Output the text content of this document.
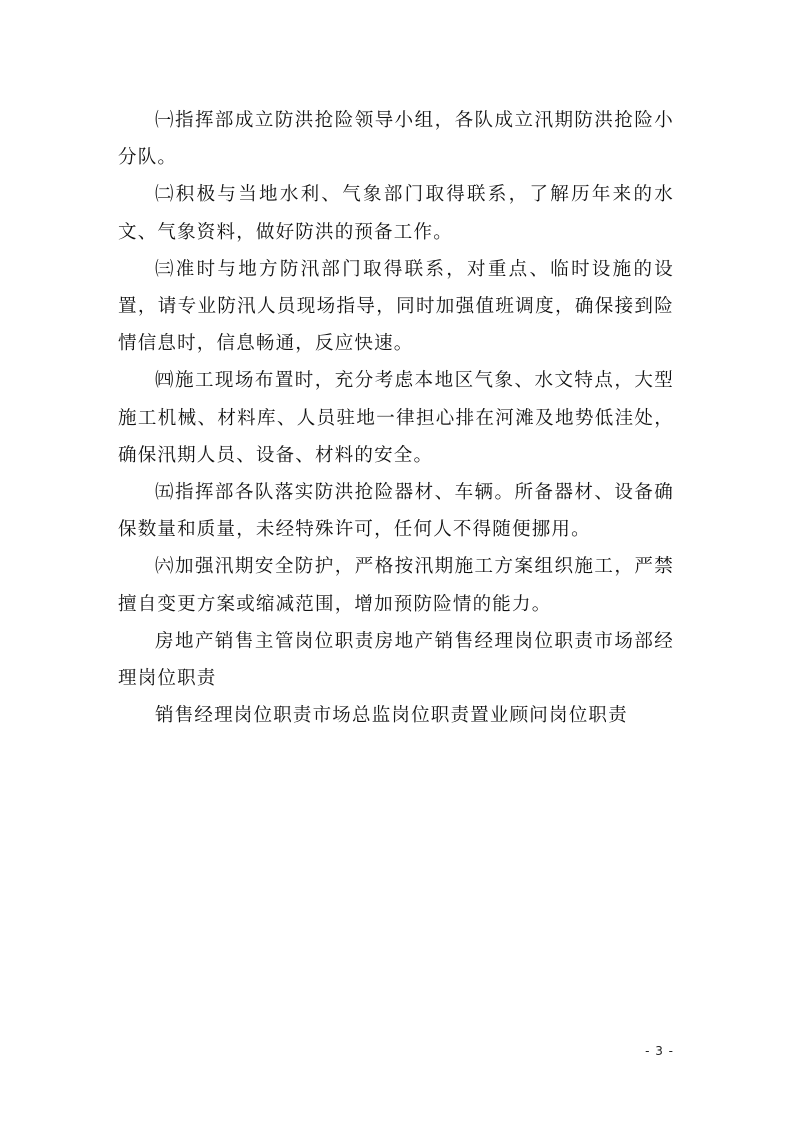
㈠指挥部成立防洪抢险领导小组，各队成立汛期防洪抢险小分队。

㈡积极与当地水利、气象部门取得联系，了解历年来的水文、气象资料，做好防洪的预备工作。

㈢准时与地方防汛部门取得联系，对重点、临时设施的设置，请专业防汛人员现场指导，同时加强值班调度，确保接到险情信息时，信息畅通，反应快速。

㈣施工现场布置时，充分考虑本地区气象、水文特点，大型施工机械、材料库、人员驻地一律担心排在河滩及地势低洼处，确保汛期人员、设备、材料的安全。

㈤指挥部各队落实防洪抢险器材、车辆。所备器材、设备确保数量和质量，未经特殊许可，任何人不得随便挪用。

㈥加强汛期安全防护，严格按汛期施工方案组织施工，严禁擅自变更方案或缩减范围，增加预防险情的能力。

房地产销售主管岗位职责房地产销售经理岗位职责市场部经理岗位职责

销售经理岗位职责市场总监岗位职责置业顾问岗位职责

- 3 -
